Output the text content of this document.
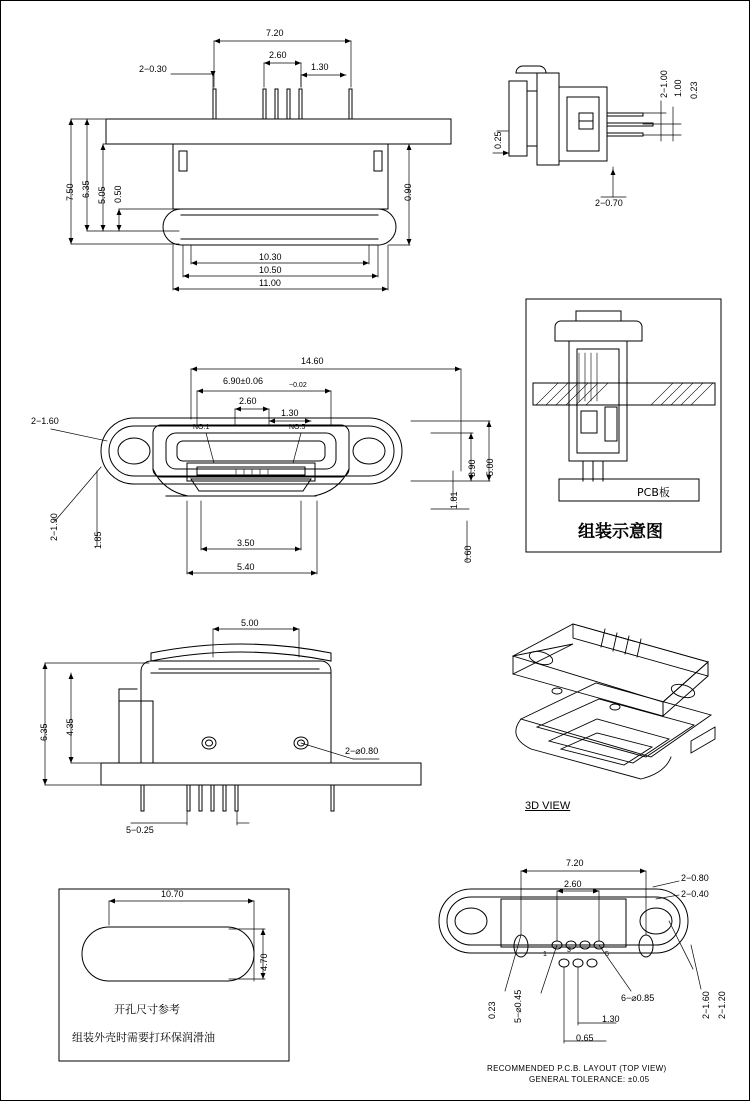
7.20
2.60
1.30
2−0.30
7.50 6.35 5.05 0.50	0.90
10.30
10.50
11.00
0.25
2−1.00 1.00 0.23
2−0.70
14.60
6.90±0.06	−0.02
2.60
1.30
NO.1	NO.5
2−1.60
2−1.90	1.85
5.00
3.90
1.81
0.60
3.50
5.40
PCB板
组装示意图
5.00
6.35 4.35
2−⌀0.80
5−0.25
3D VIEW
10.70
4.70
开孔尺寸参考
组装外壳时需要打环保润滑油
7.20
2.60
1.30
0.65
2−0.80
2−0.40
2−1.60 2−1.20
0.23 5−⌀0.45	6−⌀0.85
1
3
5
RECOMMENDED P.C.B. LAYOUT (TOP VIEW)
GENERAL TOLERANCE: ±0.05
